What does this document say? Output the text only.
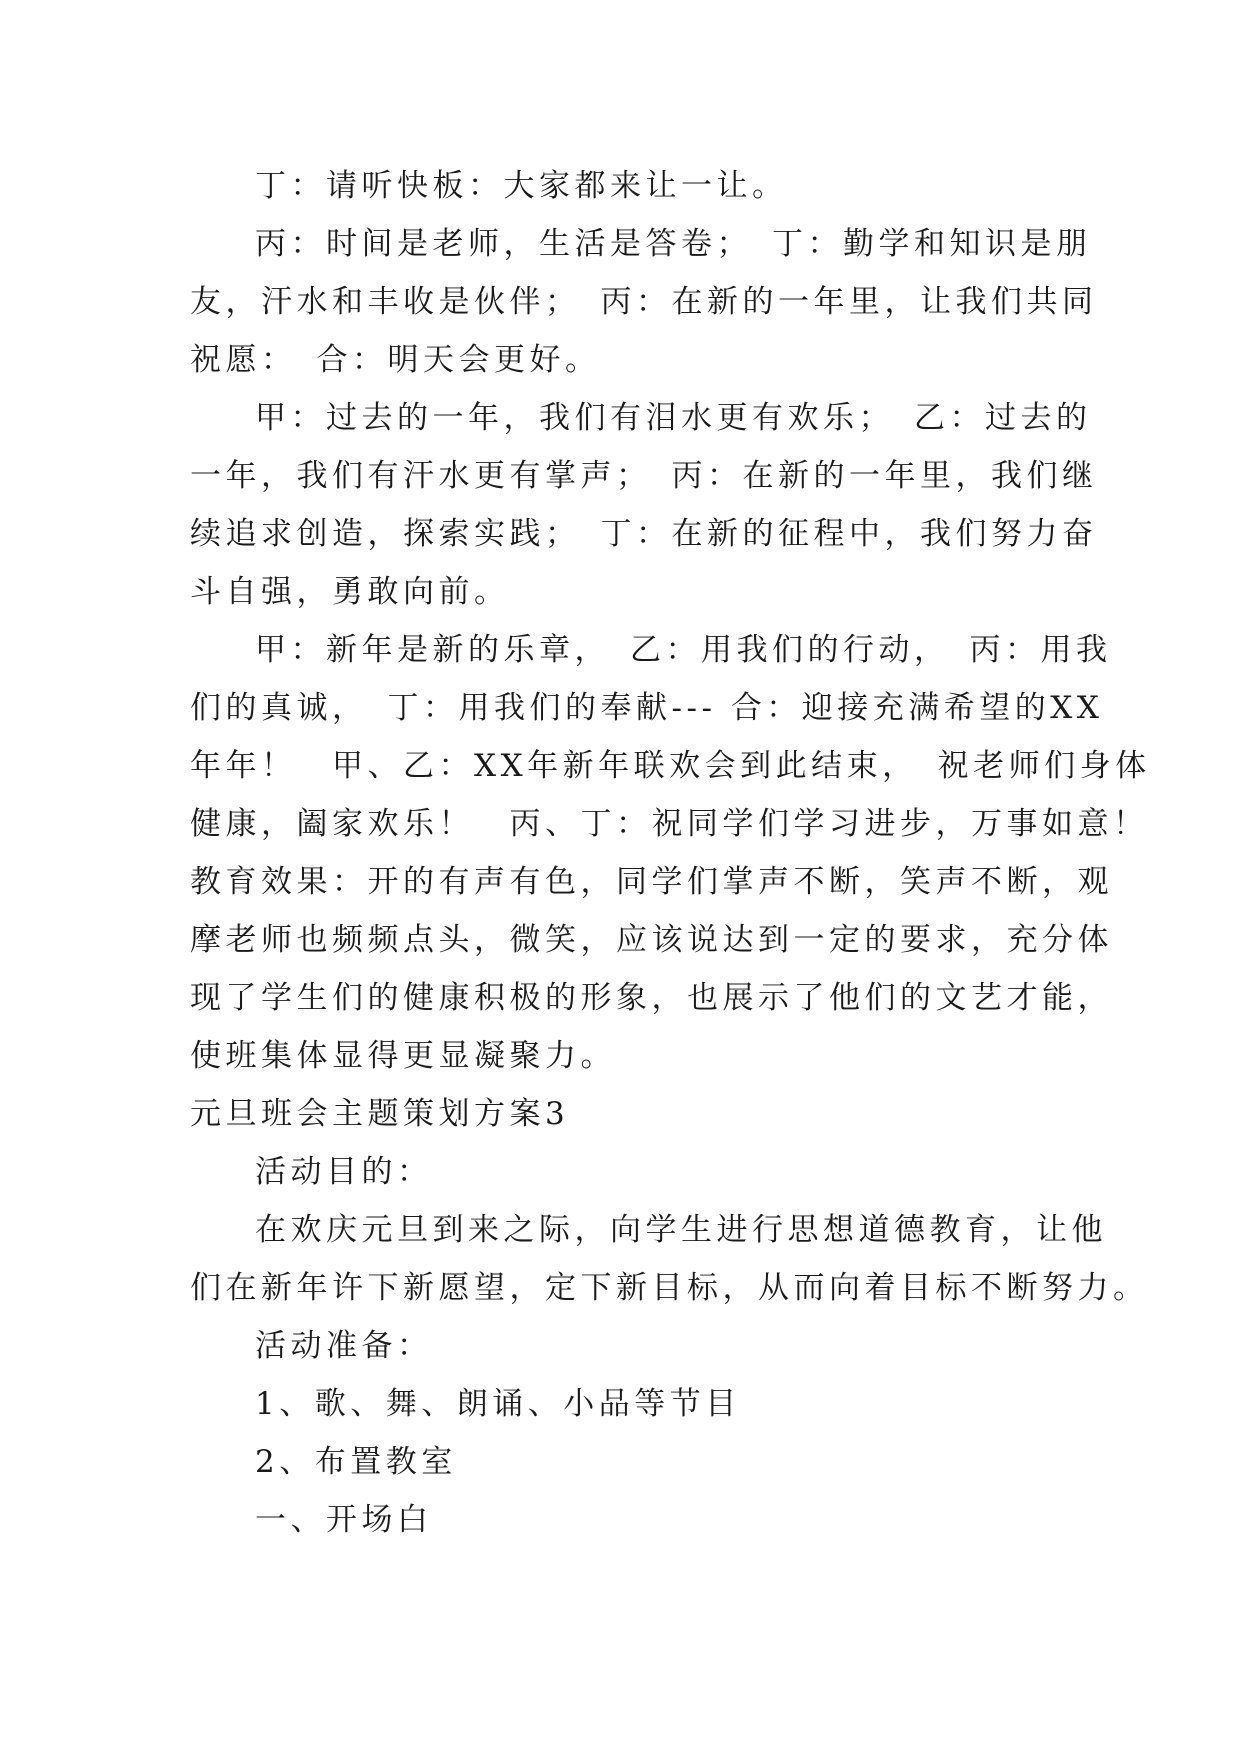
丁：请听快板：大家都来让一让。
丙：时间是老师，生活是答卷；　丁：勤学和知识是朋
友，汗水和丰收是伙伴；　丙：在新的一年里，让我们共同
祝愿：　合：明天会更好。
甲：过去的一年，我们有泪水更有欢乐；　乙：过去的
一年，我们有汗水更有掌声；　丙：在新的一年里，我们继
续追求创造，探索实践；　丁：在新的征程中，我们努力奋
斗自强，勇敢向前。
甲：新年是新的乐章，　乙：用我们的行动，　丙：用我
们的真诚，　丁：用我们的奉献--- 合：迎接充满希望的XX
年年！　甲、乙：XX年新年联欢会到此结束，　祝老师们身体
健康，阖家欢乐！　丙、丁：祝同学们学习进步，万事如意！
教育效果：开的有声有色，同学们掌声不断，笑声不断，观
摩老师也频频点头，微笑，应该说达到一定的要求，充分体
现了学生们的健康积极的形象，也展示了他们的文艺才能，
使班集体显得更显凝聚力。
元旦班会主题策划方案3
活动目的：
在欢庆元旦到来之际，向学生进行思想道德教育，让他
们在新年许下新愿望，定下新目标，从而向着目标不断努力。
活动准备：
1、歌、舞、朗诵、小品等节目
2、布置教室
一、开场白
